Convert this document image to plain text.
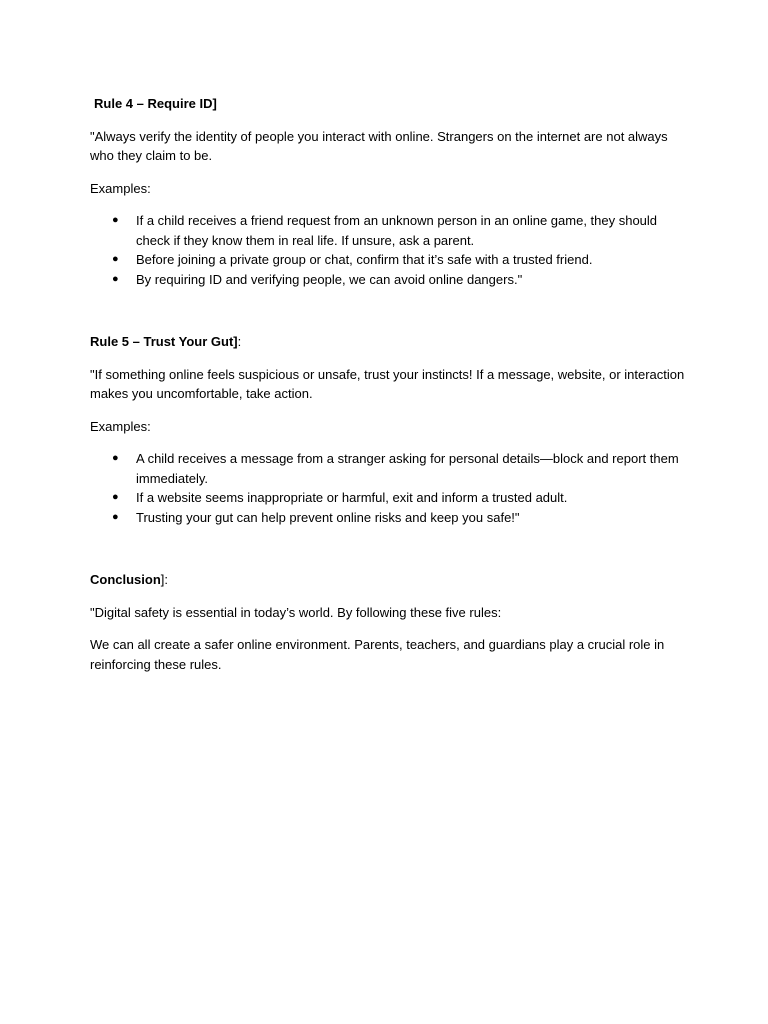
Rule 4 – Require ID]

"Always verify the identity of people you interact with online. Strangers on the internet are not always who they claim to be.

Examples:

● If a child receives a friend request from an unknown person in an online game, they should check if they know them in real life. If unsure, ask a parent.
● Before joining a private group or chat, confirm that it’s safe with a trusted friend.
● By requiring ID and verifying people, we can avoid online dangers."
Rule 5 – Trust Your Gut]:

"If something online feels suspicious or unsafe, trust your instincts! If a message, website, or interaction makes you uncomfortable, take action.

Examples:

● A child receives a message from a stranger asking for personal details—block and report them immediately.
● If a website seems inappropriate or harmful, exit and inform a trusted adult.
● Trusting your gut can help prevent online risks and keep you safe!"
Conclusion]:

"Digital safety is essential in today’s world. By following these five rules:

We can all create a safer online environment. Parents, teachers, and guardians play a crucial role in reinforcing these rules.
